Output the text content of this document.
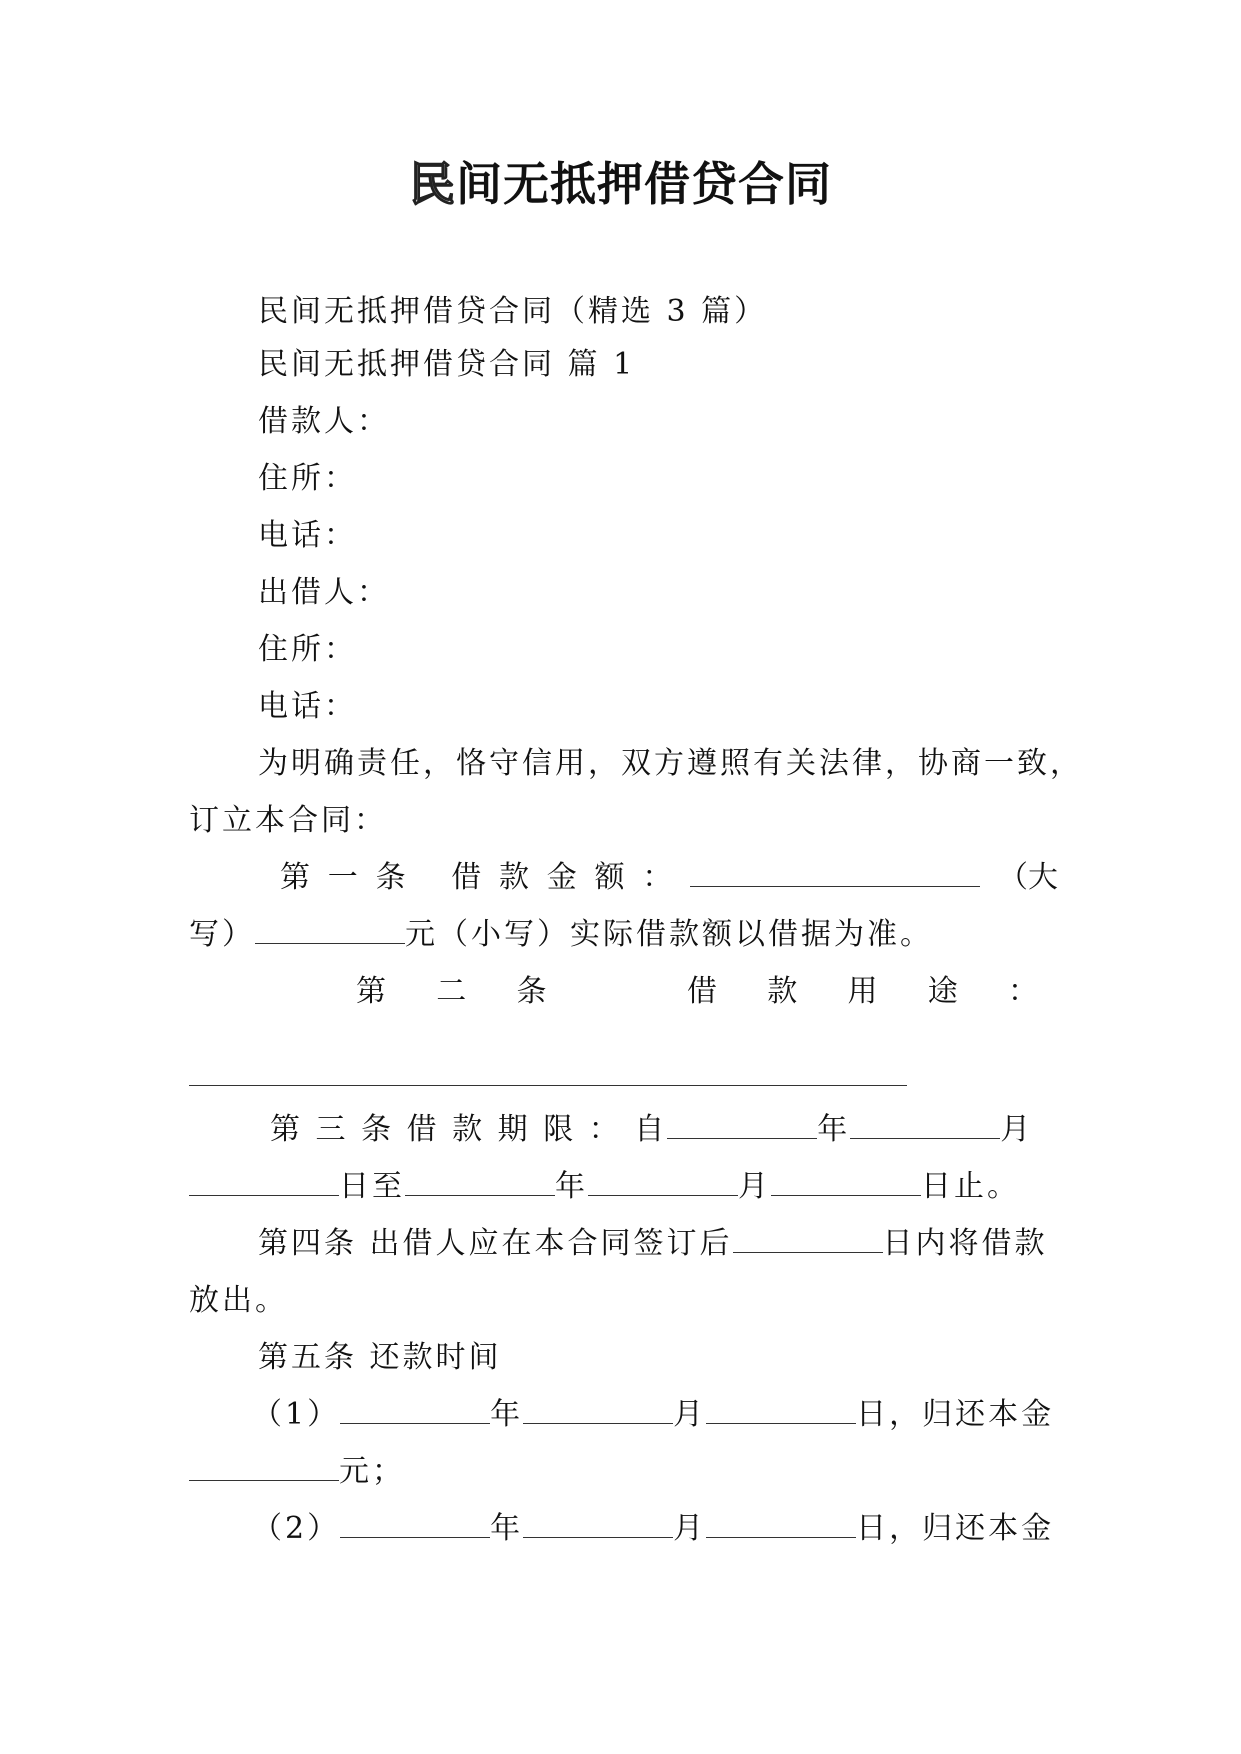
民间无抵押借贷合同
民间无抵押借贷合同（精选 3 篇）
民间无抵押借贷合同 篇 1
借款人：
住所：
电话：
出借人：
住所：
电话：
为明确责任，恪守信用，双方遵照有关法律，协商一致，
订立本合同：
第 一 条 借 款 金 额 ：	（大
写）	元（小写）实际借款额以借据为准。
第 二 条	借 款 用 途 ：
第 三 条 借 款 期 限 ： 自	年	月
日至	年	月	日止。
第四条 出借人应在本合同签订后	日内将借款
放出。
第五条 还款时间
（1）	年	月	日，归还本金
元；
（2）	年	月	日，归还本金
